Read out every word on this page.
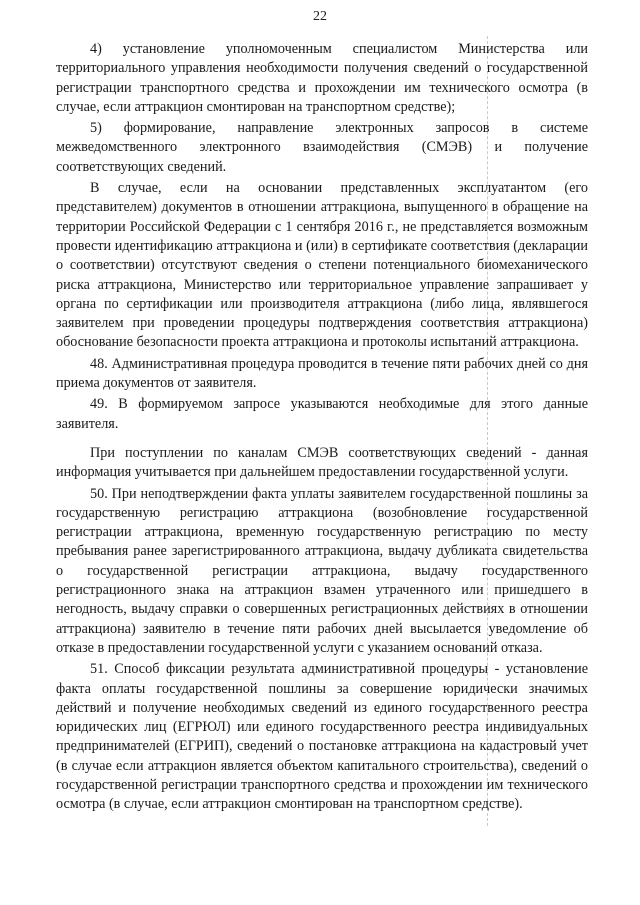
22

4) установление уполномоченным специалистом Министерства или территориального управления необходимости получения сведений о государственной регистрации транспортного средства и прохождении им технического осмотра (в случае, если аттракцион смонтирован на транспортном средстве);

5) формирование, направление электронных запросов в системе межведомственного электронного взаимодействия (СМЭВ) и получение соответствующих сведений.

В случае, если на основании представленных эксплуатантом (его представителем) документов в отношении аттракциона, выпущенного в обращение на территории Российской Федерации с 1 сентября 2016 г., не представляется возможным провести идентификацию аттракциона и (или) в сертификате соответствия (декларации о соответствии) отсутствуют сведения о степени потенциального биомеханического риска аттракциона, Министерство или территориальное управление запрашивает у органа по сертификации или производителя аттракциона (либо лица, являвшегося заявителем при проведении процедуры подтверждения соответствия аттракциона) обоснование безопасности проекта аттракциона и протоколы испытаний аттракциона.

48. Административная процедура проводится в течение пяти рабочих дней со дня приема документов от заявителя.

49. В формируемом запросе указываются необходимые для этого данные заявителя.

При поступлении по каналам СМЭВ соответствующих сведений - данная информация учитывается при дальнейшем предоставлении государственной услуги.

50. При неподтверждении факта уплаты заявителем государственной пошлины за государственную регистрацию аттракциона (возобновление государственной регистрации аттракциона, временную государственную регистрацию по месту пребывания ранее зарегистрированного аттракциона, выдачу дубликата свидетельства о государственной регистрации аттракциона, выдачу государственного регистрационного знака на аттракцион взамен утраченного или пришедшего в негодность, выдачу справки о совершенных регистрационных действиях в отношении аттракциона) заявителю в течение пяти рабочих дней высылается уведомление об отказе в предоставлении государственной услуги с указанием оснований отказа.

51. Способ фиксации результата административной процедуры - установление факта оплаты государственной пошлины за совершение юридически значимых действий и получение необходимых сведений из единого государственного реестра юридических лиц (ЕГРЮЛ) или единого государственного реестра индивидуальных предпринимателей (ЕГРИП), сведений о постановке аттракциона на кадастровый учет (в случае если аттракцион является объектом капитального строительства), сведений о государственной регистрации транспортного средства и прохождении им технического осмотра (в случае, если аттракцион смонтирован на транспортном средстве).
